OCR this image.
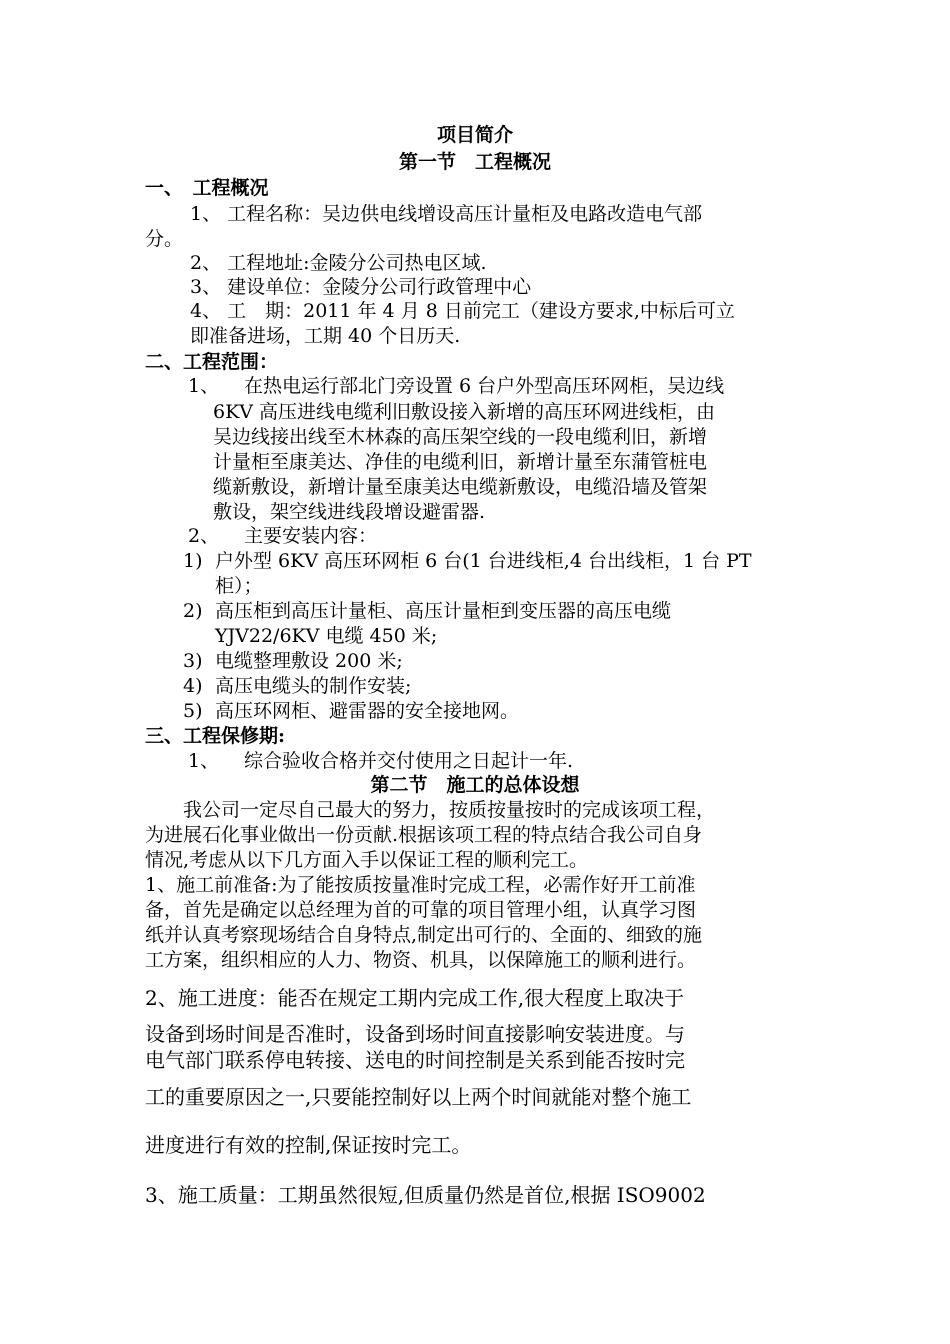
项目简介
第一节　工程概况
一、　工程概况
1、 工程名称：吴边供电线增设高压计量柜及电路改造电气部
分。
2、 工程地址:金陵分公司热电区域.
3、 建设单位：金陵分公司行政管理中心
4、 工　期：2011 年 4 月 8 日前完工（建设方要求,中标后可立
即准备进场，工期 40 个日历天.
二、工程范围：
1、 在热电运行部北门旁设置 6 台户外型高压环网柜，吴边线
6KV 高压进线电缆利旧敷设接入新增的高压环网进线柜，由
吴边线接出线至木林森的高压架空线的一段电缆利旧，新增
计量柜至康美达、净佳的电缆利旧，新增计量至东蒲管桩电
缆新敷设，新增计量至康美达电缆新敷设，电缆沿墙及管架
敷设，架空线进线段增设避雷器.
2、 主要安装内容：
1) 户外型 6KV 高压环网柜 6 台(1 台进线柜,4 台出线柜，1 台 PT
柜）；
2) 高压柜到高压计量柜、高压计量柜到变压器的高压电缆
YJV22/6KV 电缆 450 米;
3) 电缆整理敷设 200 米;
4) 高压电缆头的制作安装;
5) 高压环网柜、避雷器的安全接地网。
三、工程保修期:
1、 综合验收合格并交付使用之日起计一年.
第二节　施工的总体设想
我公司一定尽自己最大的努力，按质按量按时的完成该项工程，
为进展石化事业做出一份贡献.根据该项工程的特点结合我公司自身
情况,考虑从以下几方面入手以保证工程的顺利完工。
1、施工前准备:为了能按质按量准时完成工程，必需作好开工前准
备，首先是确定以总经理为首的可靠的项目管理小组，认真学习图
纸并认真考察现场结合自身特点,制定出可行的、全面的、细致的施
工方案，组织相应的人力、物资、机具，以保障施工的顺利进行。
2、施工进度：能否在规定工期内完成工作,很大程度上取决于
设备到场时间是否准时，设备到场时间直接影响安装进度。与
电气部门联系停电转接、送电的时间控制是关系到能否按时完
工的重要原因之一,只要能控制好以上两个时间就能对整个施工
进度进行有效的控制,保证按时完工。
3、施工质量：工期虽然很短,但质量仍然是首位,根据 ISO9002
